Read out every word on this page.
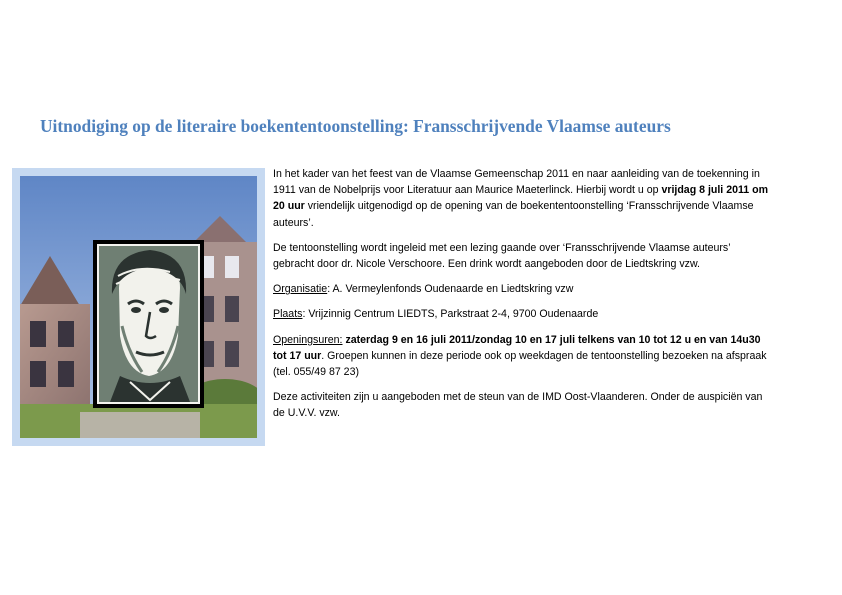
Uitnodiging op de literaire boekententoonstelling: Fransschrijvende Vlaamse auteurs

In het kader van het feest van de Vlaamse Gemeenschap 2011 en naar aanleiding van de toekenning in 1911 van de Nobelprijs voor Literatuur aan Maurice Maeterlinck. Hierbij wordt u op vrijdag 8 juli 2011 om 20 uur vriendelijk uitgenodigd op de opening van de boekententoonstelling ‘Fransschrijvende Vlaamse auteurs’.

De tentoonstelling wordt ingeleid met een lezing gaande over ‘Fransschrijvende Vlaamse auteurs’ gebracht door dr. Nicole Verschoore. Een drink wordt aangeboden door de Liedtskring vzw.

Organisatie: A. Vermeylenfonds Oudenaarde en Liedtskring vzw

Plaats: Vrijzinnig Centrum LIEDTS, Parkstraat 2-4, 9700 Oudenaarde

Openingsuren: zaterdag 9 en 16 juli 2011/zondag 10 en 17 juli telkens van 10 tot 12 u en van 14u30 tot 17 uur. Groepen kunnen in deze periode ook op weekdagen de tentoonstelling bezoeken na afspraak (tel. 055/49 87 23)

Deze activiteiten zijn u aangeboden met de steun van de IMD Oost-Vlaanderen. Onder de auspiciën van de U.V.V. vzw.
